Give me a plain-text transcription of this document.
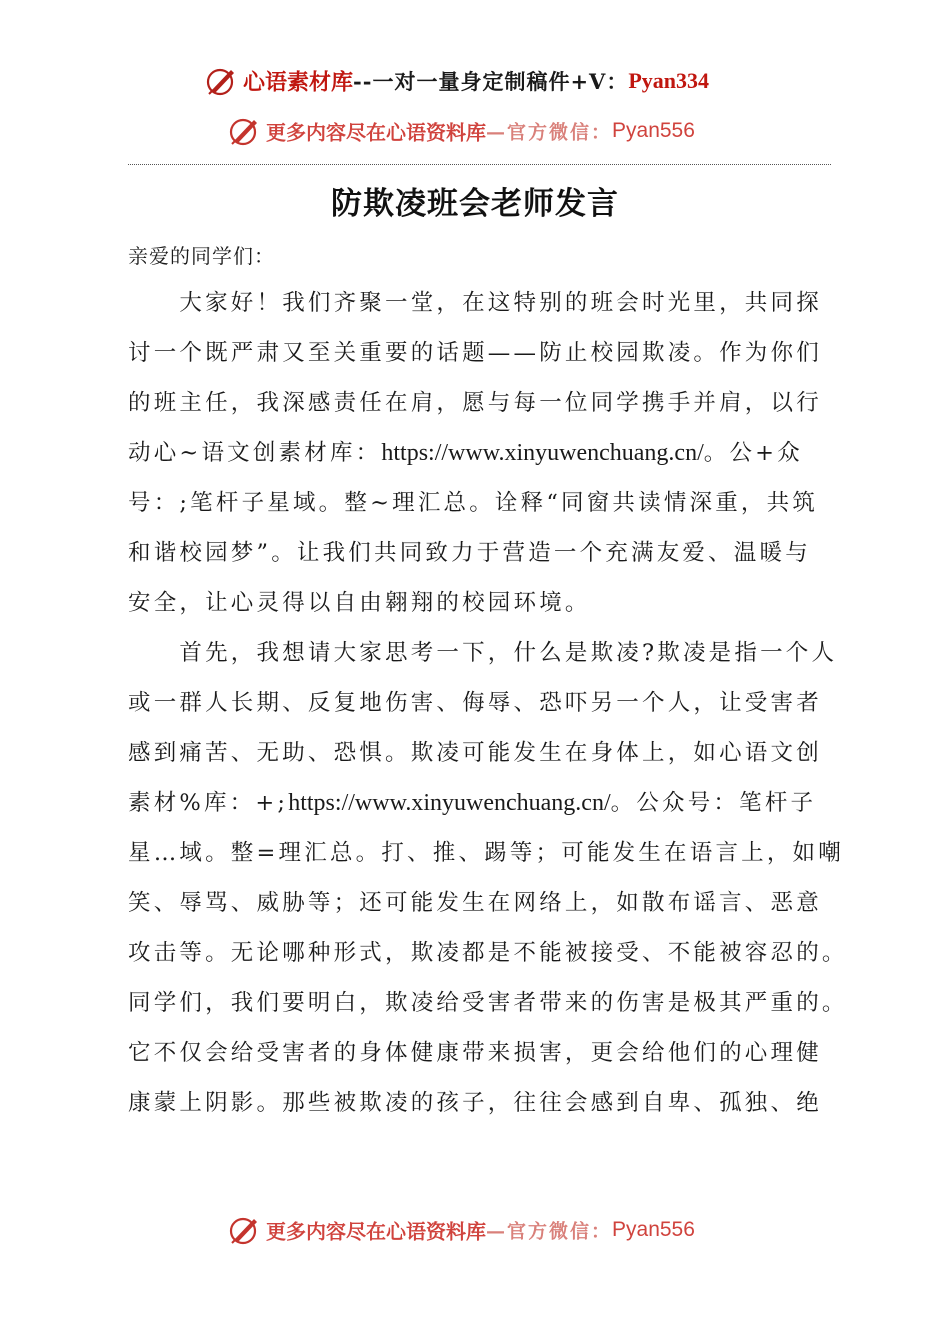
心语素材库--一对一量身定制稿件+V：Pyan334
更多内容尽在心语资料库—官方微信：Pyan556
防欺凌班会老师发言
亲爱的同学们：
　　大家好！我们齐聚一堂，在这特别的班会时光里，共同探
讨一个既严肃又至关重要的话题——防止校园欺凌。作为你们
的班主任，我深感责任在肩，愿与每一位同学携手并肩，以行
动心~语文创素材库：https://www.xinyuwenchuang.cn/。公+众
号：;笔杆子星域。整~理汇总。诠释“同窗共读情深重，共筑
和谐校园梦”。让我们共同致力于营造一个充满友爱、温暖与
安全，让心灵得以自由翱翔的校园环境。
　　首先，我想请大家思考一下，什么是欺凌?欺凌是指一个人
或一群人长期、反复地伤害、侮辱、恐吓另一个人，让受害者
感到痛苦、无助、恐惧。欺凌可能发生在身体上，如心语文创
素材%库：+;https://www.xinyuwenchuang.cn/。公众号：笔杆子
星…域。整=理汇总。打、推、踢等；可能发生在语言上，如嘲
笑、辱骂、威胁等；还可能发生在网络上，如散布谣言、恶意
攻击等。无论哪种形式，欺凌都是不能被接受、不能被容忍的。
同学们，我们要明白，欺凌给受害者带来的伤害是极其严重的。
它不仅会给受害者的身体健康带来损害，更会给他们的心理健
康蒙上阴影。那些被欺凌的孩子，往往会感到自卑、孤独、绝
更多内容尽在心语资料库—官方微信：Pyan556
